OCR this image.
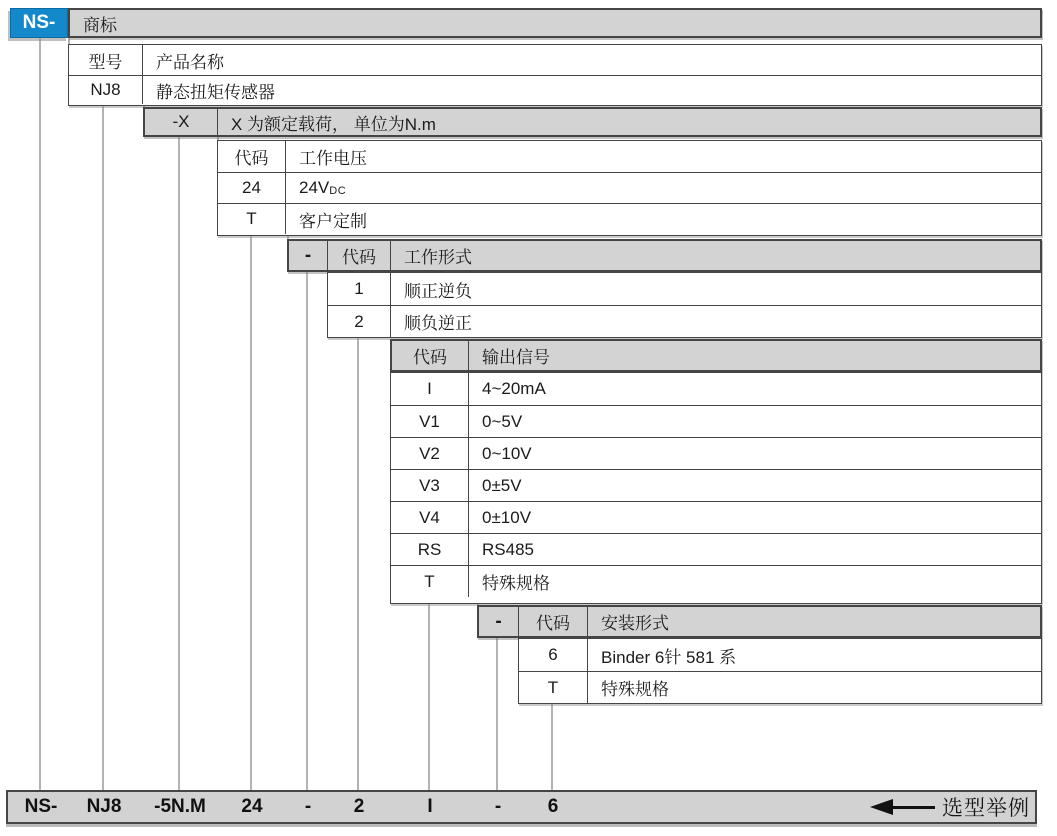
NS-	商标
型号	产品名称
NJ8	静态扭矩传感器
-X	X 为额定载荷， 单位为N.m
代码	工作电压
24	24V DC
T	客户定制
-	代码	工作形式
1	顺正逆负
2	顺负逆正
代码	输出信号
I	4~20mA
V1	0~5V
V2	0~10V
V3	0±5V
V4	0±10V
RS	RS485
T	特殊规格
-	代码	安装形式
6	Binder 6针 581 系
T	特殊规格
NS-	NJ8	-5N.M	24	-	2	I	-	6	选型举例
